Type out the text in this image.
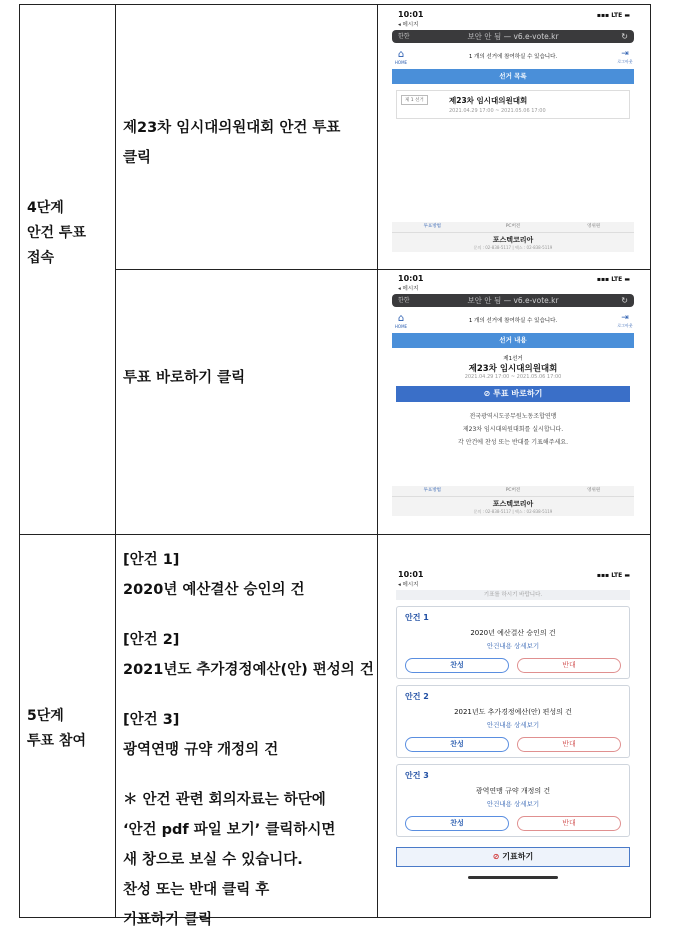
4단계
안건 투표
접속
제23차 임시대의원대회 안건 투표
클릭
투표 바로하기 클릭
5단계
투표 참여
[안건 1]
2020년 예산결산 승인의 건
[안건 2]
2021년도 추가경정예산(안) 편성의 건
[안건 3]
광역연맹 규약 개정의 건
＊ 안건 관련 회의자료는 하단에
‘안건 pdf 파일 보기’ 클릭하시면
새 창으로 보실 수 있습니다.
찬성 또는 반대 클릭 후
기표하기 클릭
10:01
◂ 메시지
▪▪▪ LTE ▬
한한	보안 안 됨 — v6.e-vote.kr	↻
⌂
HOME
1 개의 선거에 참여하실 수 있습니다.	⇥
로그아웃
선거 목록
제 1 선거	제23차 임시대의원대회
2021.04.29 17:00 ~ 2021.05.06 17:00
투표방법	PC버전	영위원
포스텍코리아
문의 : 02-838-5117 | 팩스 : 02-838-5119
10:01
◂ 메시지
▪▪▪ LTE ▬
한한	보안 안 됨 — v6.e-vote.kr	↻
⌂
HOME
1 개의 선거에 참여하실 수 있습니다.	⇥
로그아웃
선거 내용
제1선거
제23차 임시대의원대회
2021.04.29 17:00 ~ 2021.05.06 17:00
⊘ 투표 바로하기
전국광역시도공무원노동조합연맹
제23차 임시대의원대회를 실시합니다.
각 안건에 찬성 또는 반대를 기표해주세요.
투표방법	PC버전	영위원
포스텍코리아
문의 : 02-838-5117 | 팩스 : 02-838-5119
10:01
◂ 메시지
▪▪▪ LTE ▬
기표를 하시기 바랍니다.
안건 1
2020년 예산결산 승인의 건
안건내용 상세보기
찬성	반대
안건 2
2021년도 추가경정예산(안) 편성의 건
안건내용 상세보기
찬성	반대
안건 3
광역연맹 규약 개정의 건
안건내용 상세보기
찬성	반대
⊘ 기표하기
